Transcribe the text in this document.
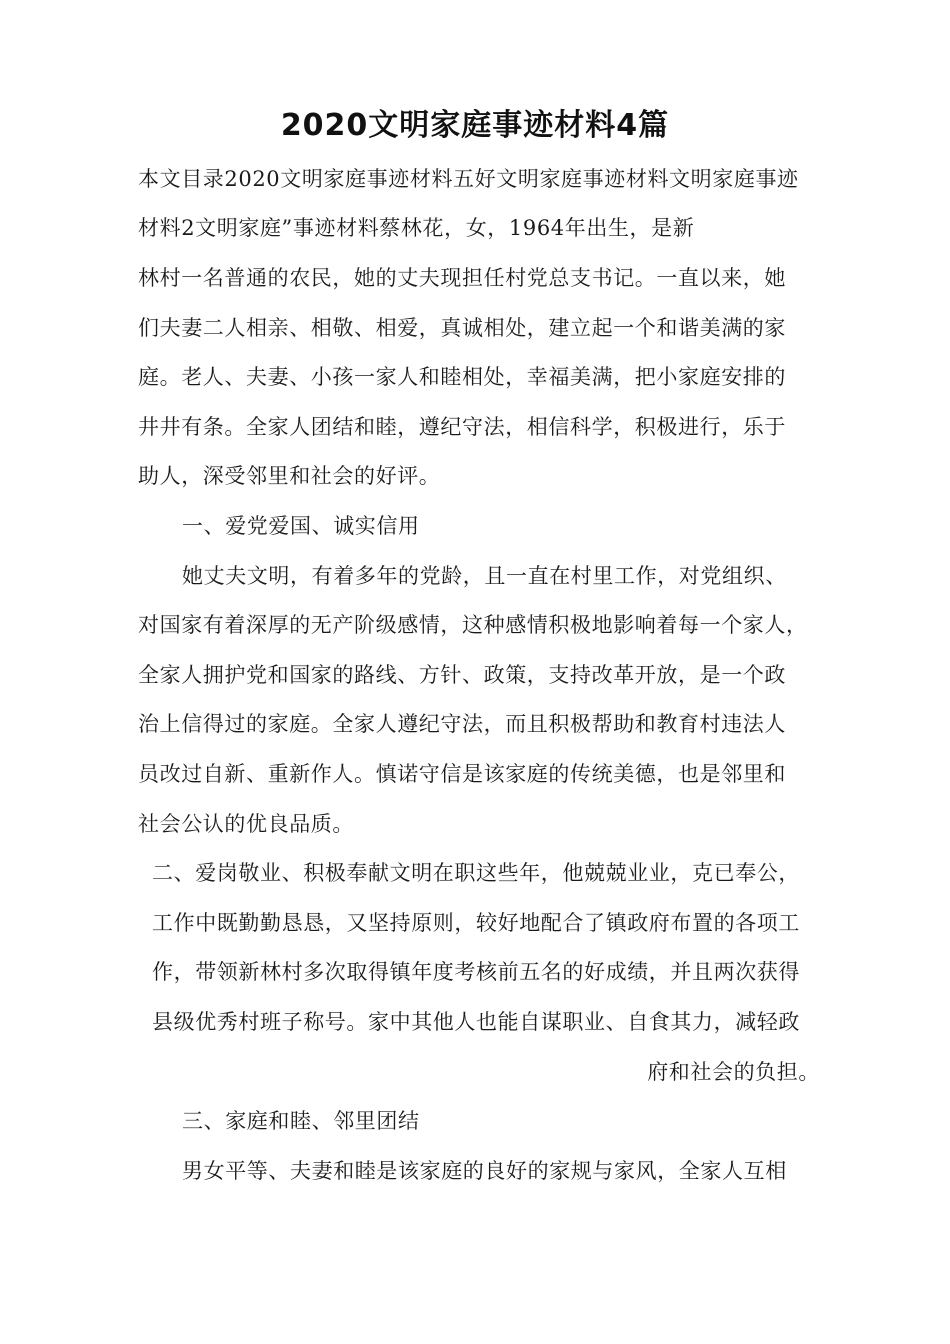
2020文明家庭事迹材料4篇
本文目录2020文明家庭事迹材料五好文明家庭事迹材料文明家庭事迹
材料2文明家庭”事迹材料蔡林花，女，1964年出生，是新
林村一名普通的农民，她的丈夫现担任村党总支书记。一直以来，她
们夫妻二人相亲、相敬、相爱，真诚相处，建立起一个和谐美满的家
庭。老人、夫妻、小孩一家人和睦相处，幸福美满，把小家庭安排的
井井有条。全家人团结和睦，遵纪守法，相信科学，积极进行，乐于
助人，深受邻里和社会的好评。
一、爱党爱国、诚实信用
她丈夫文明，有着多年的党龄，且一直在村里工作，对党组织、
对国家有着深厚的无产阶级感情，这种感情积极地影响着每一个家人，
全家人拥护党和国家的路线、方针、政策，支持改革开放，是一个政
治上信得过的家庭。全家人遵纪守法，而且积极帮助和教育村违法人
员改过自新、重新作人。慎诺守信是该家庭的传统美德，也是邻里和
社会公认的优良品质。
二、爱岗敬业、积极奉献文明在职这些年，他兢兢业业，克已奉公，
工作中既勤勤恳恳，又坚持原则，较好地配合了镇政府布置的各项工
作，带领新林村多次取得镇年度考核前五名的好成绩，并且两次获得
县级优秀村班子称号。家中其他人也能自谋职业、自食其力，减轻政
府和社会的负担。
三、家庭和睦、邻里团结
男女平等、夫妻和睦是该家庭的良好的家规与家风，全家人互相
